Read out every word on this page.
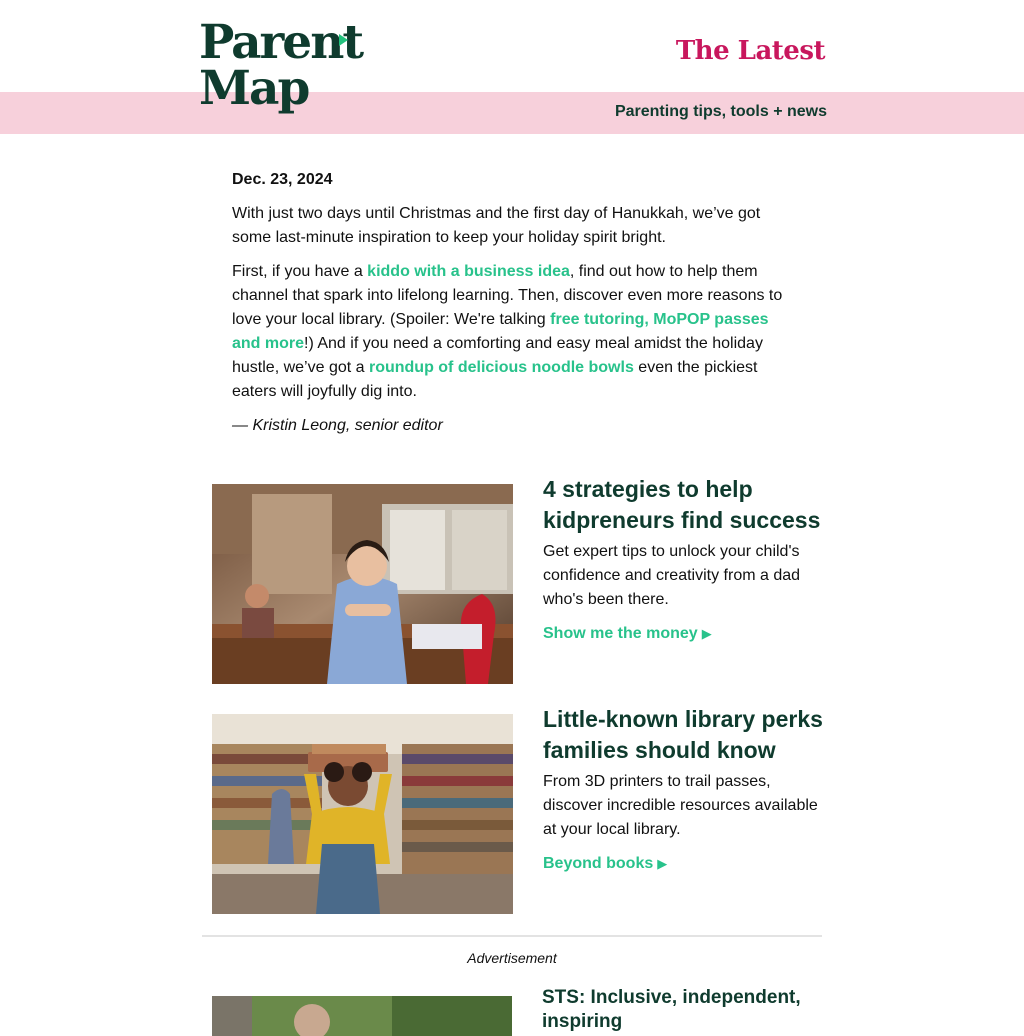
Parent
Map
The Latest
Parenting tips, tools + news
Dec. 23, 2024

With just two days until Christmas and the first day of Hanukkah, we’ve got some last-minute inspiration to keep your holiday spirit bright.

First, if you have a kiddo with a business idea, find out how to help them channel that spark into lifelong learning. Then, discover even more reasons to love your local library. (Spoiler: We're talking free tutoring, MoPOP passes and more!) And if you need a comforting and easy meal amidst the holiday hustle, we’ve got a roundup of delicious noodle bowls even the pickiest eaters will joyfully dig into.

— Kristin Leong, senior editor
4 strategies to help kidpreneurs find success

Get expert tips to unlock your child's confidence and creativity from a dad who's been there.

Show me the money ▶
Little-known library perks families should know

From 3D printers to trail passes, discover incredible resources available at your local library.

Beyond books ▶
Advertisement
STS: Inclusive, independent, inspiring
